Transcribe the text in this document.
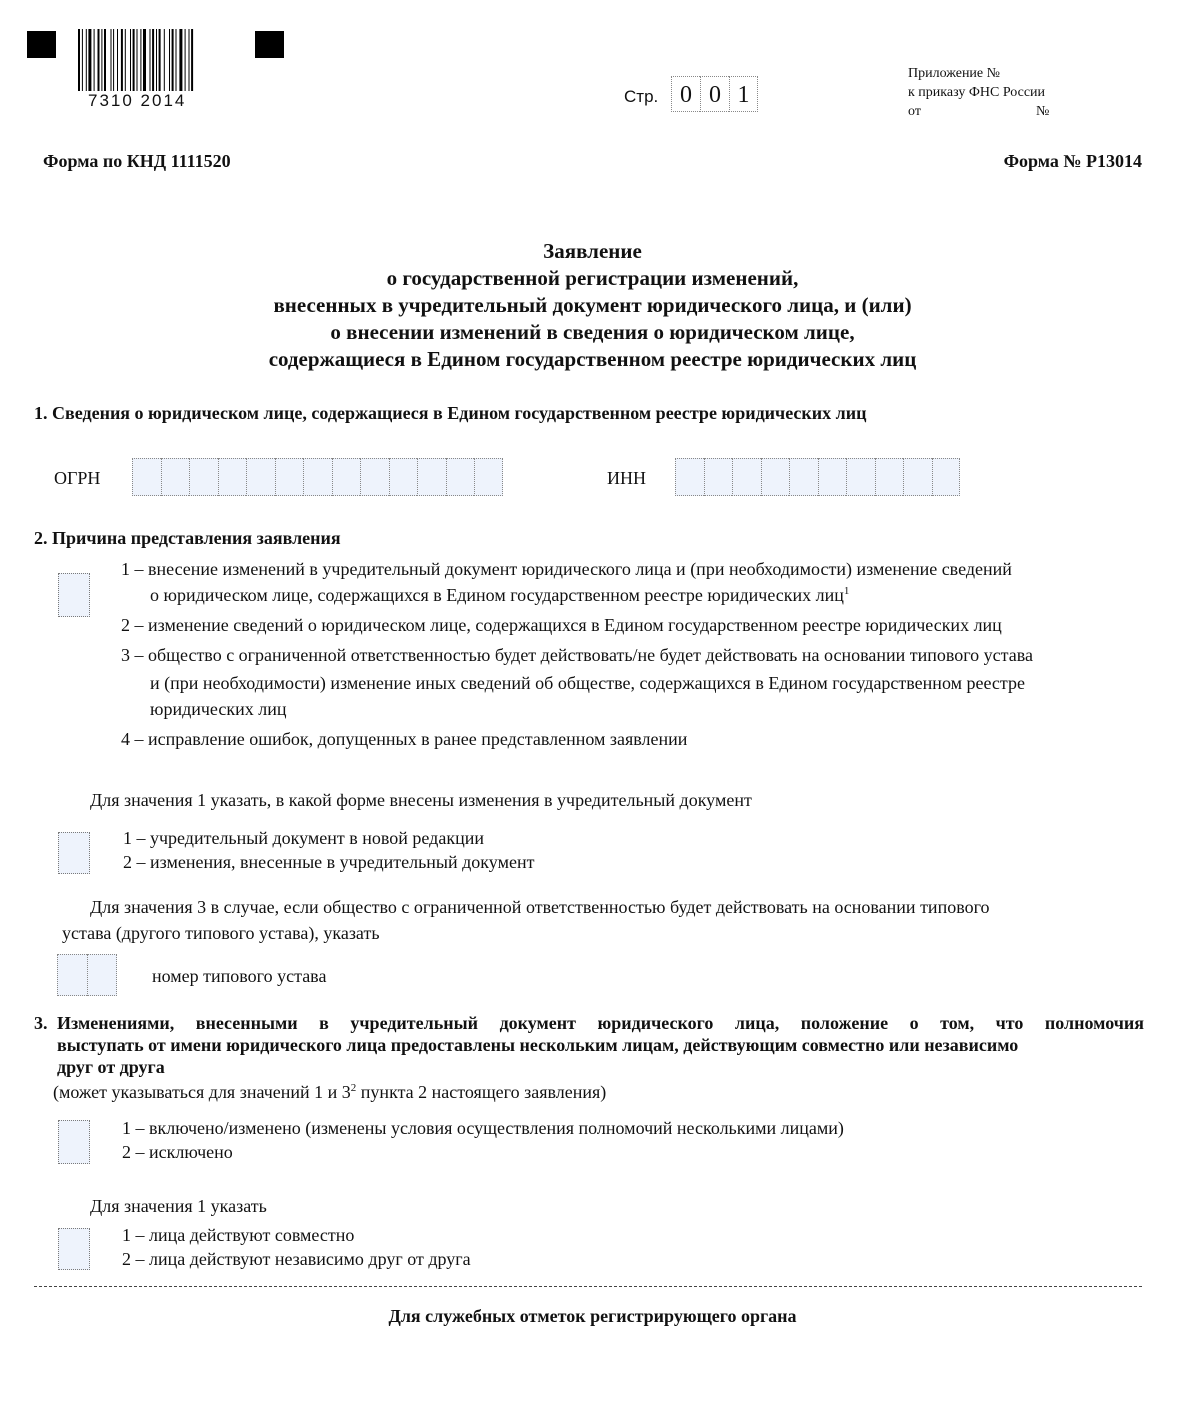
7310 2014	Стр. 0 0 1
Приложение №
к приказу ФНС России
от	№
Форма по КНД 1111520	Форма № Р13014
Заявление
о государственной регистрации изменений,
внесенных в учредительный документ юридического лица, и (или)
о внесении изменений в сведения о юридическом лице,
содержащиеся в Едином государственном реестре юридических лиц
1. Сведения о юридическом лице, содержащиеся в Едином государственном реестре юридических лиц
ОГРН	ИНН
2. Причина представления заявления
1 – внесение изменений в учредительный документ юридического лица и (при необходимости) изменение сведений
о юридическом лице, содержащихся в Едином государственном реестре юридических лиц$^1$
2 – изменение сведений о юридическом лице, содержащихся в Едином государственном реестре юридических лиц
3 – общество с ограниченной ответственностью будет действовать/не будет действовать на основании типового устава
и (при необходимости) изменение иных сведений об обществе, содержащихся в Едином государственном реестре
юридических лиц
4 – исправление ошибок, допущенных в ранее представленном заявлении
Для значения 1 указать, в какой форме внесены изменения в учредительный документ
1 – учредительный документ в новой редакции
2 – изменения, внесенные в учредительный документ
Для значения 3 в случае, если общество с ограниченной ответственностью будет действовать на основании типового
устава (другого типового устава), указать
номер типового устава
3. Изменениями, внесенными в учредительный документ юридического лица, положение о том, что полномочия
выступать от имени юридического лица предоставлены нескольким лицам, действующим совместно или независимо
друг от друга
(может указываться для значений 1 и $3^2$ пункта 2 настоящего заявления)
1 – включено/изменено (изменены условия осуществления полномочий несколькими лицами)
2 – исключено
Для значения 1 указать
1 – лица действуют совместно
2 – лица действуют независимо друг от друга
Для служебных отметок регистрирующего органа
